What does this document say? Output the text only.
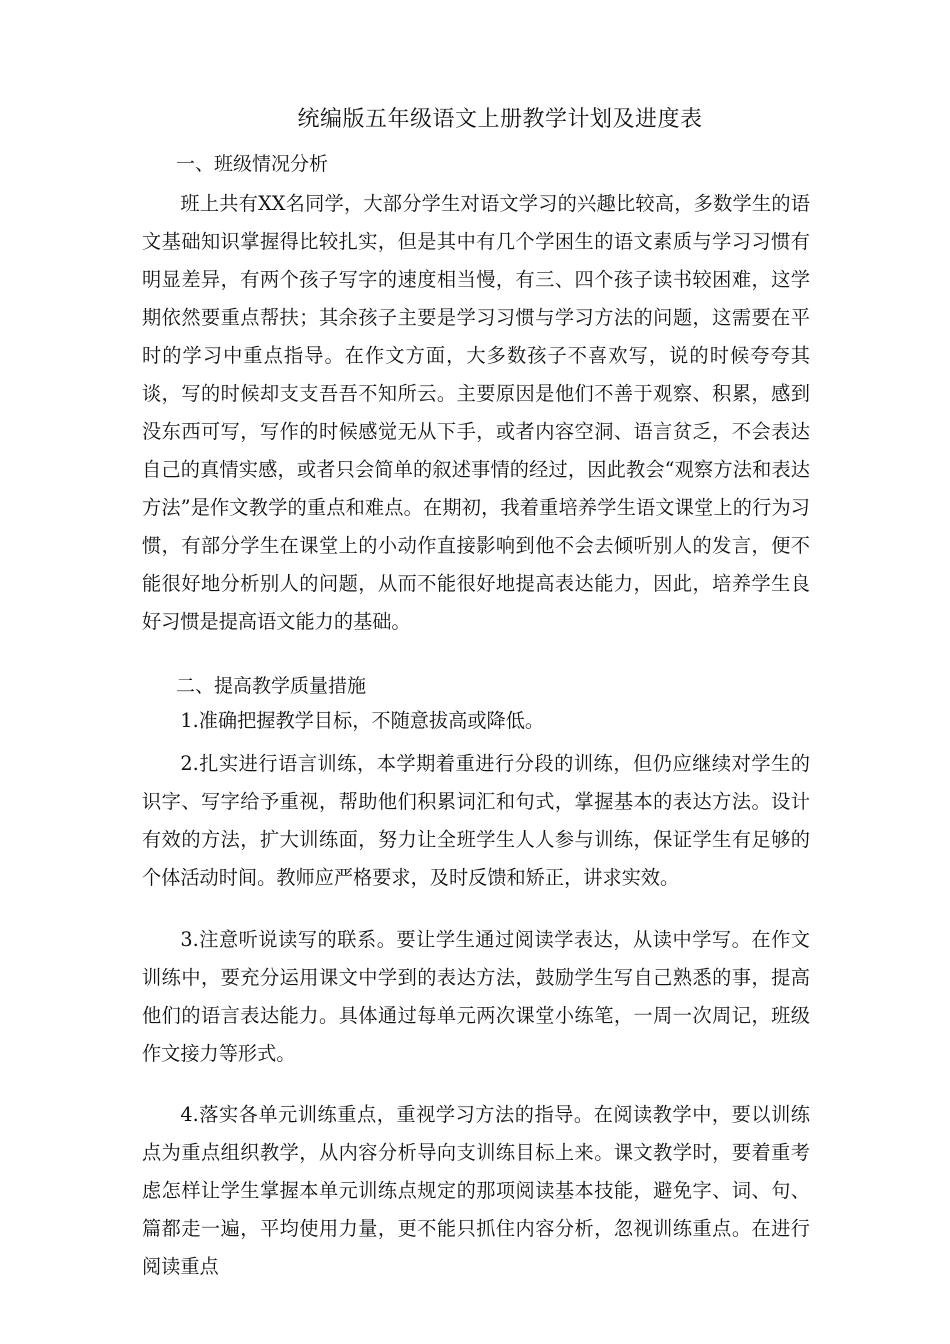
统编版五年级语文上册教学计划及进度表
一、班级情况分析

班上共有XX名同学，大部分学生对语文学习的兴趣比较高，多数学生的语文基础知识掌握得比较扎实，但是其中有几个学困生的语文素质与学习习惯有明显差异，有两个孩子写字的速度相当慢，有三、四个孩子读书较困难，这学期依然要重点帮扶；其余孩子主要是学习习惯与学习方法的问题，这需要在平时的学习中重点指导。在作文方面，大多数孩子不喜欢写，说的时候夸夸其谈，写的时候却支支吾吾不知所云。主要原因是他们不善于观察、积累，感到没东西可写，写作的时候感觉无从下手，或者内容空洞、语言贫乏，不会表达自己的真情实感，或者只会简单的叙述事情的经过，因此教会“观察方法和表达方法”是作文教学的重点和难点。在期初，我着重培养学生语文课堂上的行为习惯，有部分学生在课堂上的小动作直接影响到他不会去倾听别人的发言，便不能很好地分析别人的问题，从而不能很好地提高表达能力，因此，培养学生良好习惯是提高语文能力的基础。

二、提高教学质量措施

1.准确把握教学目标，不随意拔高或降低。

2.扎实进行语言训练，本学期着重进行分段的训练，但仍应继续对学生的识字、写字给予重视，帮助他们积累词汇和句式，掌握基本的表达方法。设计有效的方法，扩大训练面，努力让全班学生人人参与训练，保证学生有足够的个体活动时间。教师应严格要求，及时反馈和矫正，讲求实效。

3.注意听说读写的联系。要让学生通过阅读学表达，从读中学写。在作文训练中，要充分运用课文中学到的表达方法，鼓励学生写自己熟悉的事，提高他们的语言表达能力。具体通过每单元两次课堂小练笔，一周一次周记，班级作文接力等形式。

4.落实各单元训练重点，重视学习方法的指导。在阅读教学中，要以训练点为重点组织教学，从内容分析导向支训练目标上来。课文教学时，要着重考虑怎样让学生掌握本单元训练点规定的那项阅读基本技能，避免字、词、句、篇都走一遍，平均使用力量，更不能只抓住内容分析，忽视训练重点。在进行阅读重点
